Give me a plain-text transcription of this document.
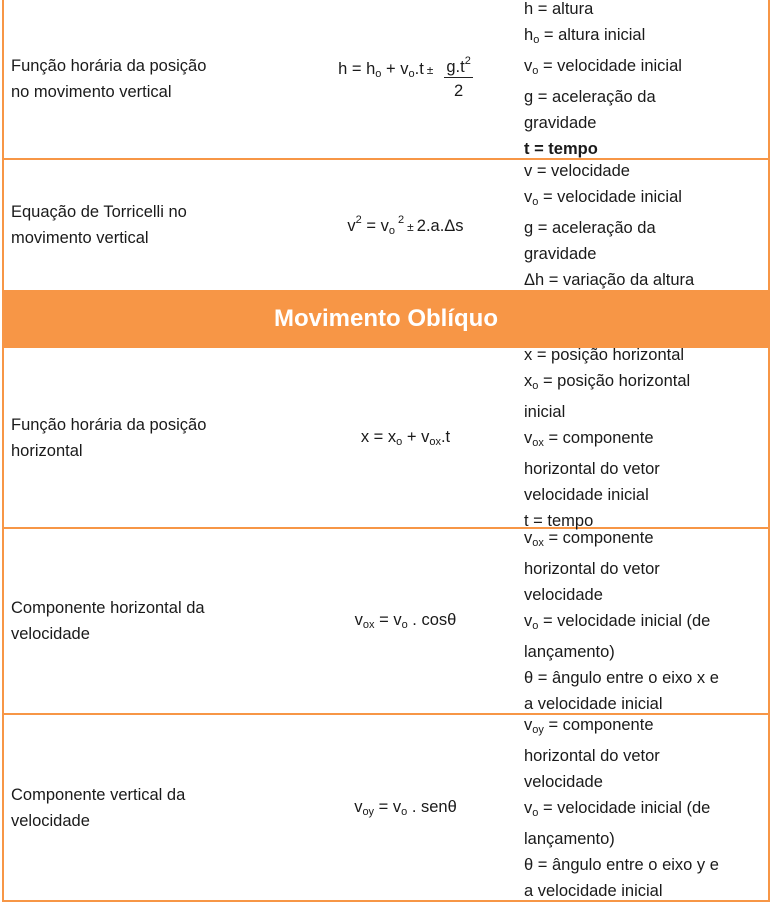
Função horária da posição
no movimento vertical
$h = h_o + v_o.t \pm \frac{g.t^2}{2}$
h = altura
$h_o$ = altura inicial
$v_o$ = velocidade inicial
g = aceleração da
gravidade
t = tempo
Equação de Torricelli no
movimento vertical
$v^2 = v_o$ $^2$ ± 2.a.Δs
v = velocidade
$v_o$ = velocidade inicial
g = aceleração da
gravidade
Δh = variação da altura
Movimento Oblíquo
Função horária da posição
horizontal
$x = x_o + v_{ox}.t$
x = posição horizontal
$x_o$ = posição horizontal
inicial
$v_{ox}$ = componente
horizontal do vetor
velocidade inicial
t = tempo
Componente horizontal da
velocidade
$v_{ox} = v_o$ . cosθ
$v_{ox}$ = componente
horizontal do vetor
velocidade
$v_o$ = velocidade inicial (de
lançamento)
θ = ângulo entre o eixo x e
a velocidade inicial
Componente vertical da
velocidade
$v_{oy} = v_o$ . senθ
$v_{oy}$ = componente
horizontal do vetor
velocidade
$v_o$ = velocidade inicial (de
lançamento)
θ = ângulo entre o eixo y e
a velocidade inicial
